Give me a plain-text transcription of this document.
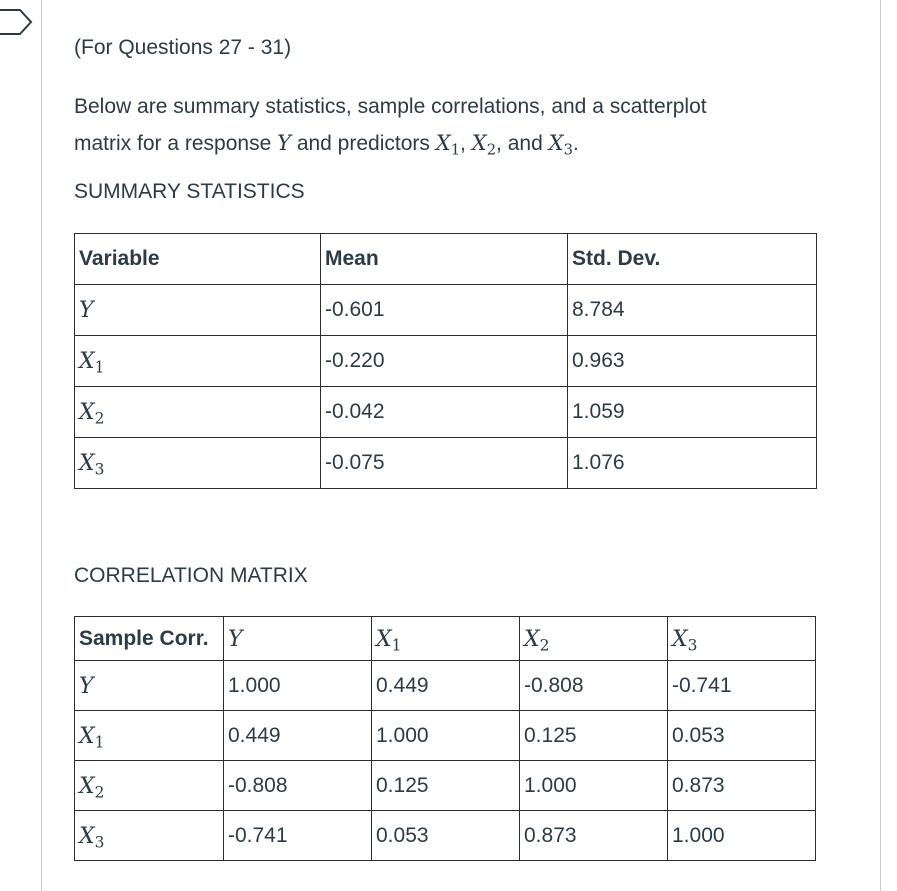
(For Questions 27 - 31)
Below are summary statistics, sample correlations, and a scatterplot
matrix for a response Y and predictors $X_1$, $X_2$, and $X_3$.
SUMMARY STATISTICS
Variable	Mean	Std. Dev.
Y	-0.601	8.784
$X_1$	-0.220	0.963
$X_2$	-0.042	1.059
$X_3$	-0.075	1.076
CORRELATION MATRIX
Sample Corr.	Y	$X_1$	$X_2$	$X_3$
Y	1.000	0.449	-0.808	-0.741
$X_1$	0.449	1.000	0.125	0.053
$X_2$	-0.808	0.125	1.000	0.873
$X_3$	-0.741	0.053	0.873	1.000
